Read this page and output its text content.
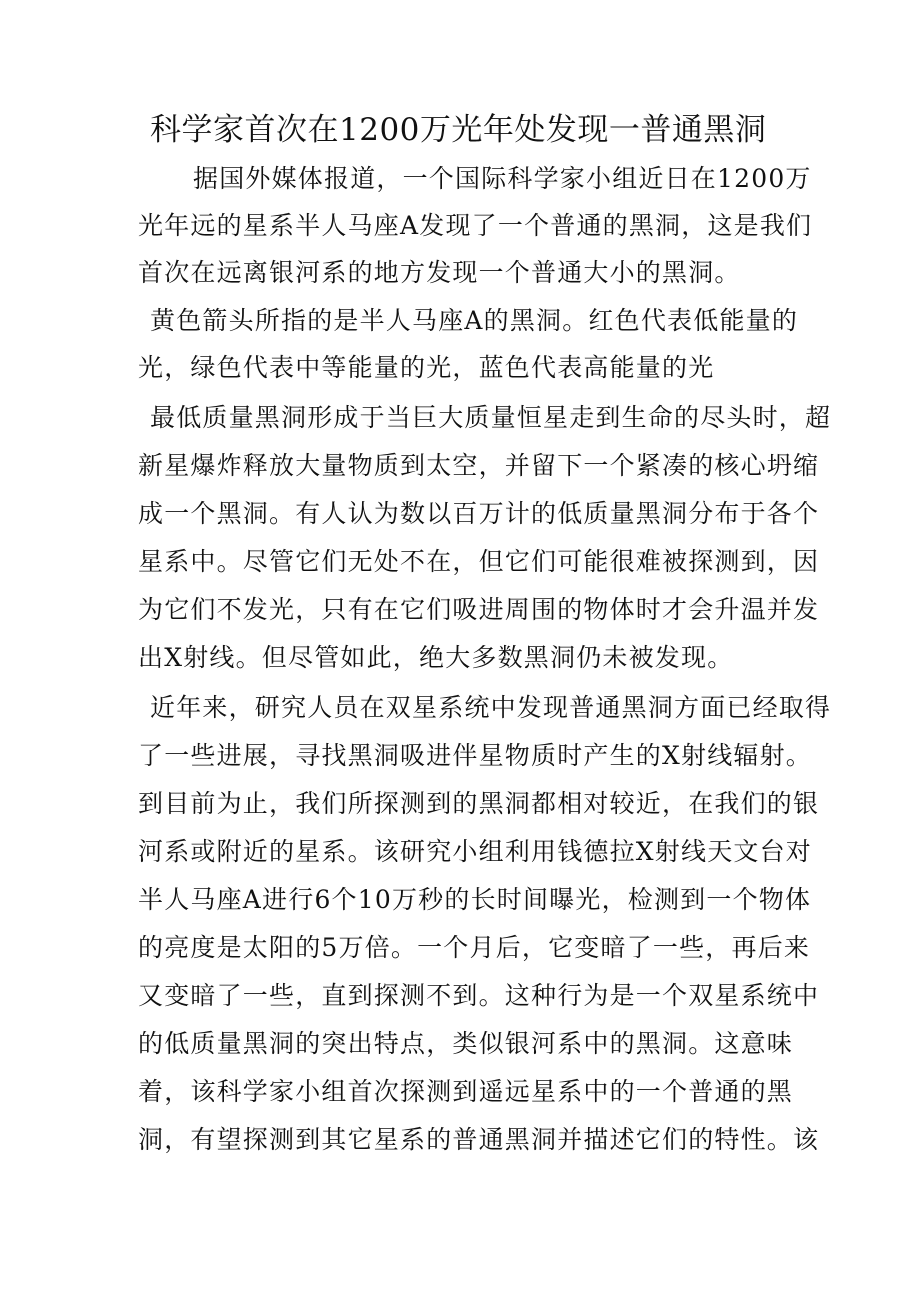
科学家首次在1200万光年处发现一普通黑洞

据国外媒体报道，一个国际科学家小组近日在1200万

光年远的星系半人马座A发现了一个普通的黑洞，这是我们

首次在远离银河系的地方发现一个普通大小的黑洞。

黄色箭头所指的是半人马座A的黑洞。红色代表低能量的

光，绿色代表中等能量的光，蓝色代表高能量的光

最低质量黑洞形成于当巨大质量恒星走到生命的尽头时，超

新星爆炸释放大量物质到太空，并留下一个紧凑的核心坍缩

成一个黑洞。有人认为数以百万计的低质量黑洞分布于各个

星系中。尽管它们无处不在，但它们可能很难被探测到，因

为它们不发光，只有在它们吸进周围的物体时才会升温并发

出X射线。但尽管如此，绝大多数黑洞仍未被发现。

近年来，研究人员在双星系统中发现普通黑洞方面已经取得

了一些进展，寻找黑洞吸进伴星物质时产生的X射线辐射。

到目前为止，我们所探测到的黑洞都相对较近，在我们的银

河系或附近的星系。该研究小组利用钱德拉X射线天文台对

半人马座A进行6个10万秒的长时间曝光，检测到一个物体

的亮度是太阳的5万倍。一个月后，它变暗了一些，再后来

又变暗了一些，直到探测不到。这种行为是一个双星系统中

的低质量黑洞的突出特点，类似银河系中的黑洞。这意味

着，该科学家小组首次探测到遥远星系中的一个普通的黑

洞，有望探测到其它星系的普通黑洞并描述它们的特性。该
